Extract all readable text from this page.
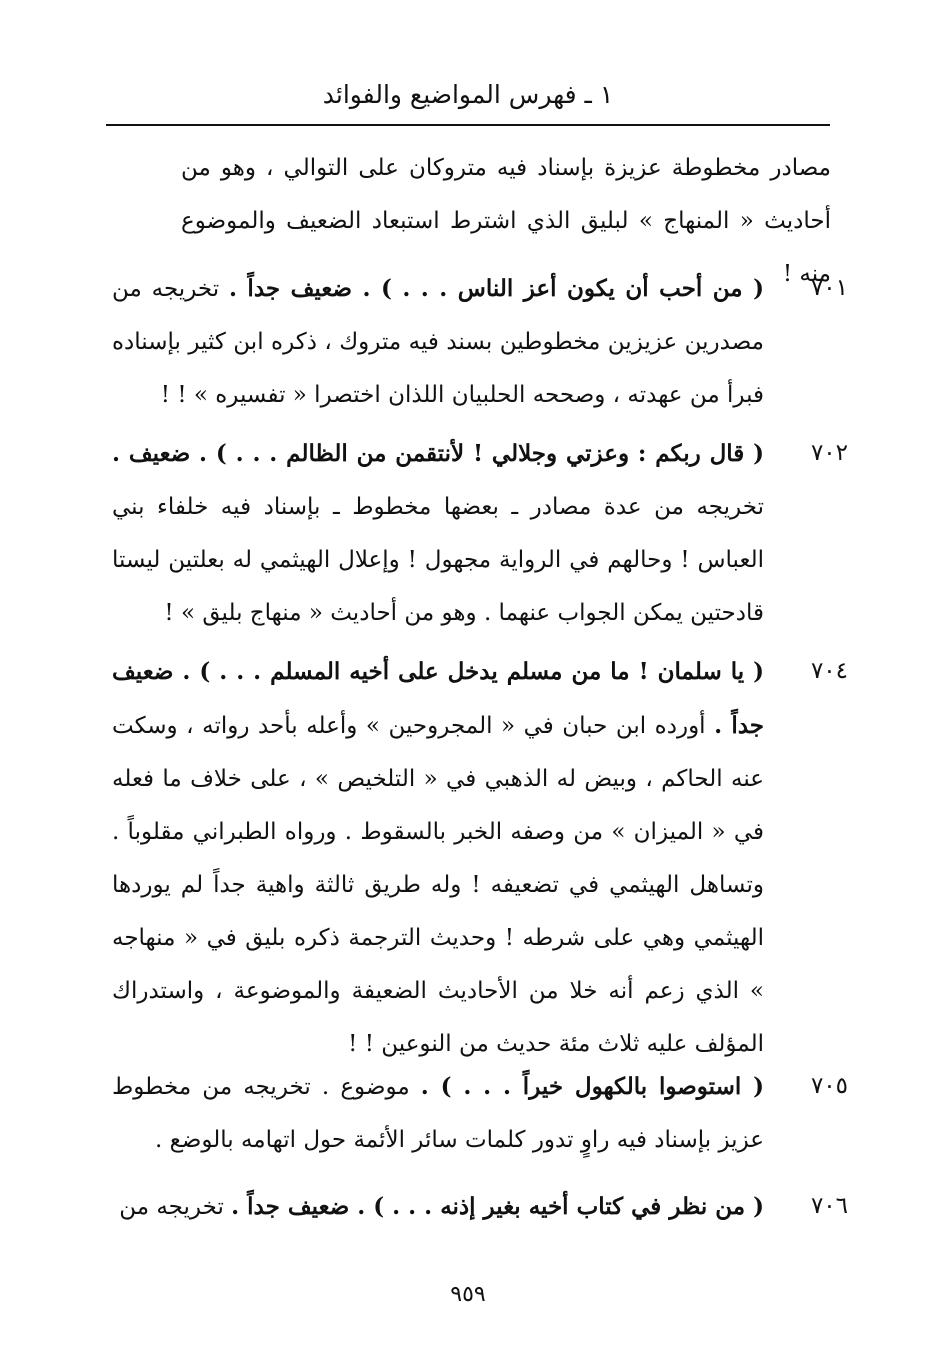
١ ـ فهرس المواضيع والفوائد
مصادر مخطوطة عزيزة بإسناد فيه متروكان على التوالي ، وهو من أحاديث « المنهاج » لبليق الذي اشترط استبعاد الضعيف والموضوع منه !
٧٠١
( من أحب أن يكون أعز الناس . . . ) . ضعيف جداً . تخريجه من مصدرين عزيزين مخطوطين بسند فيه متروك ، ذكره ابن كثير بإسناده فبرأ من عهدته ، وصححه الحلبيان اللذان اختصرا « تفسيره » ! !
٧٠٢
( قال ربكم : وعزتي وجلالي ! لأنتقمن من الظالم . . . ) . ضعيف . تخريجه من عدة مصادر ـ بعضها مخطوط ـ بإسناد فيه خلفاء بني العباس ! وحالهم في الرواية مجهول ! وإعلال الهيثمي له بعلتين ليستا قادحتين يمكن الجواب عنهما . وهو من أحاديث « منهاج بليق » !
٧٠٤
( يا سلمان ! ما من مسلم يدخل على أخيه المسلم . . . ) . ضعيف جداً . أورده ابن حبان في « المجروحين » وأعله بأحد رواته ، وسكت عنه الحاكم ، وبيض له الذهبي في « التلخيص » ، على خلاف ما فعله في « الميزان » من وصفه الخبر بالسقوط . ورواه الطبراني مقلوباً . وتساهل الهيثمي في تضعيفه ! وله طريق ثالثة واهية جداً لم يوردها الهيثمي وهي على شرطه ! وحديث الترجمة ذكره بليق في « منهاجه » الذي زعم أنه خلا من الأحاديث الضعيفة والموضوعة ، واستدراك المؤلف عليه ثلاث مئة حديث من النوعين ! !
٧٠٥
( استوصوا بالكهول خيراً . . . ) . موضوع . تخريجه من مخطوط عزيز بإسناد فيه راوٍ تدور كلمات سائر الأئمة حول اتهامه بالوضع .
٧٠٦
( من نظر في كتاب أخيه بغير إذنه . . . ) . ضعيف جداً . تخريجه من
٩٥٩
